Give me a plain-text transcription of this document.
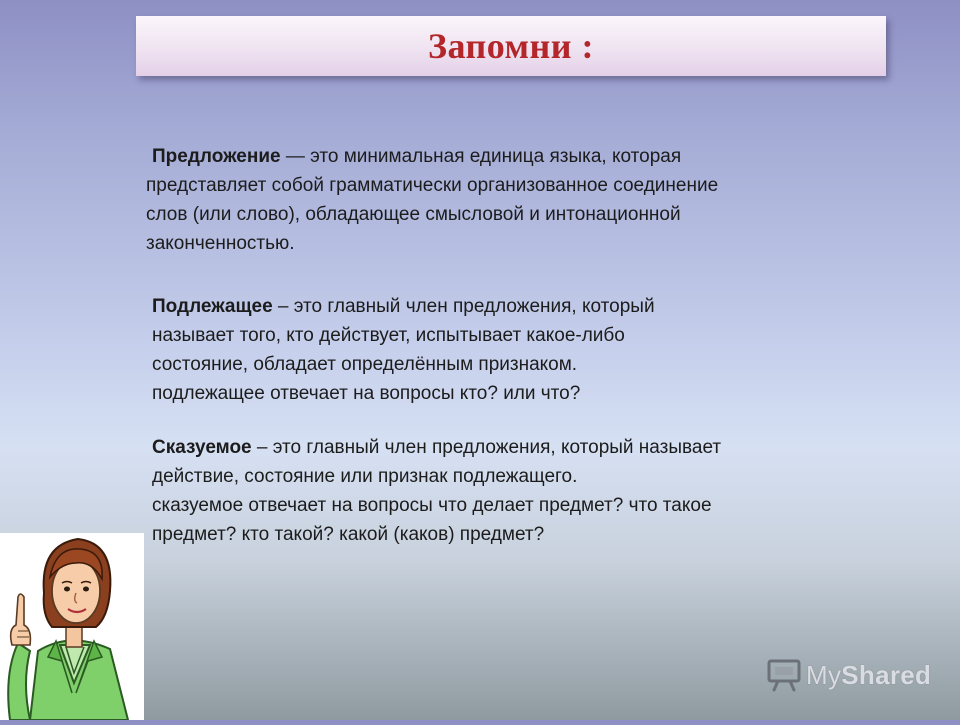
Запомни :
Предложение — это минимальная единица языка, которая
представляет собой грамматически организованное соединение
слов (или слово), обладающее смысловой и интонационной
законченностью.
Подлежащее – это главный член предложения, который
называет того, кто действует, испытывает какое-либо
состояние, обладает определённым признаком.
подлежащее отвечает на вопросы кто? или что?
Сказуемое – это главный член предложения, который называет
действие, состояние или признак подлежащего.
сказуемое отвечает на вопросы что делает предмет? что такое
предмет? кто такой? какой (каков) предмет?
MyShared
